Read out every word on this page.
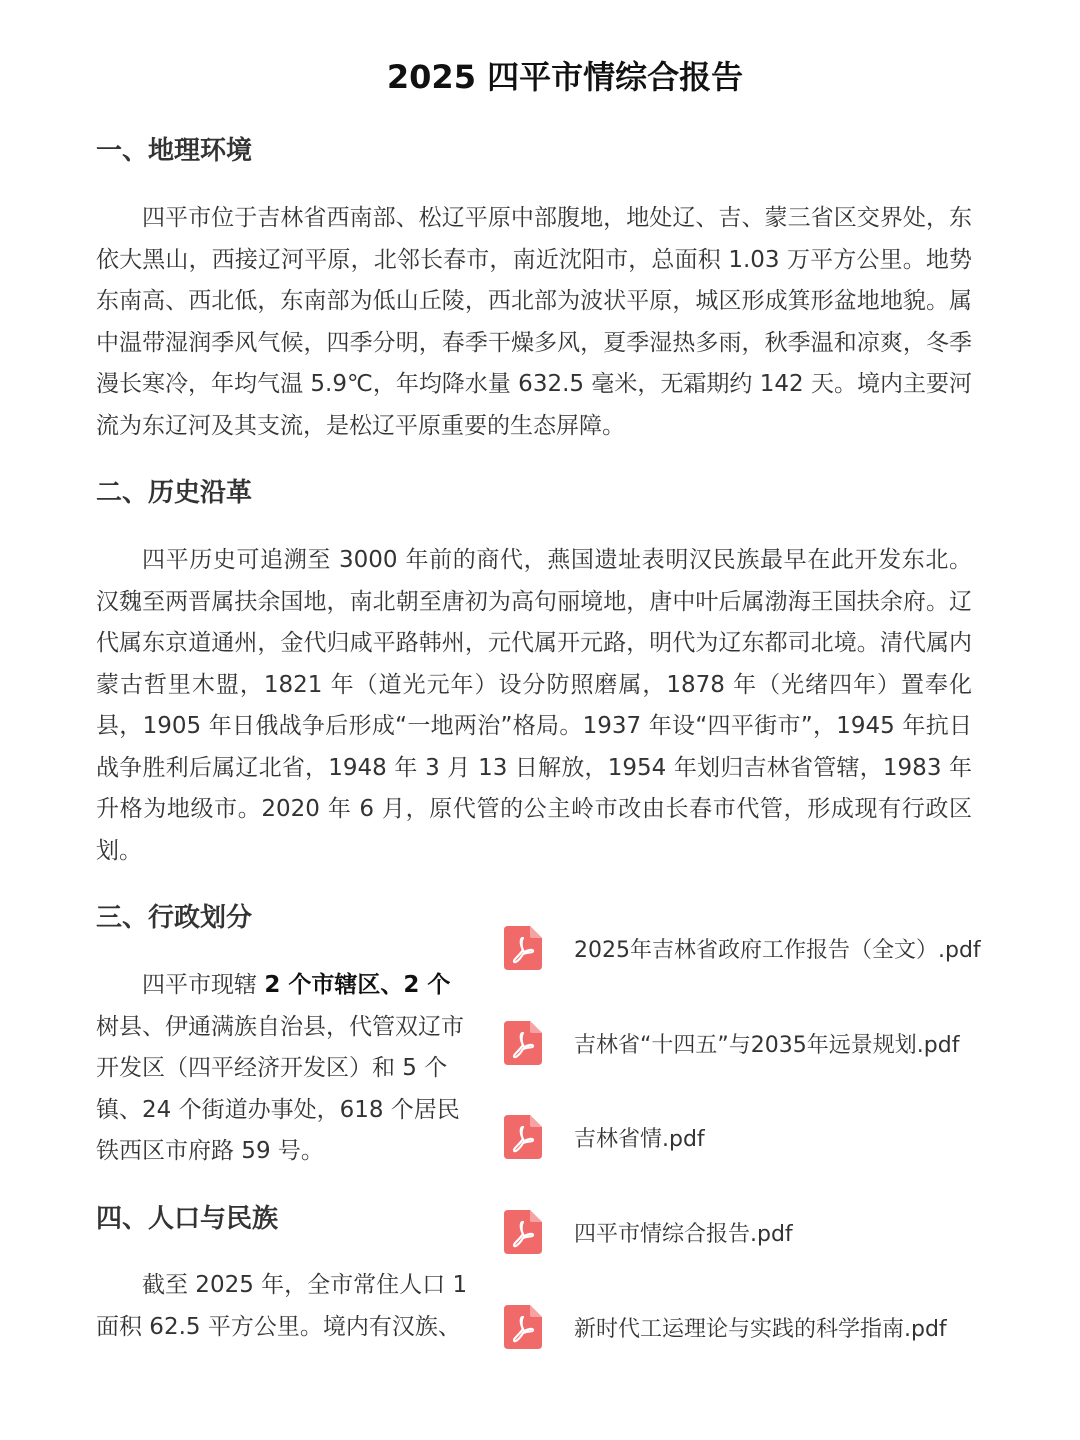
2025 四平市情综合报告
一、地理环境

四平市位于吉林省西南部、松辽平原中部腹地，地处辽、吉、蒙三省区交界处，东依大黑山，西接辽河平原，北邻长春市，南近沈阳市，总面积 1.03 万平方公里。地势东南高、西北低，东南部为低山丘陵，西北部为波状平原，城区形成箕形盆地地貌。属中温带湿润季风气候，四季分明，春季干燥多风，夏季湿热多雨，秋季温和凉爽，冬季漫长寒冷，年均气温 5.9℃，年均降水量 632.5 毫米，无霜期约 142 天。境内主要河流为东辽河及其支流，是松辽平原重要的生态屏障。

二、历史沿革

四平历史可追溯至 3000 年前的商代，燕国遗址表明汉民族最早在此开发东北。汉魏至两晋属扶余国地，南北朝至唐初为高句丽境地，唐中叶后属渤海王国扶余府。辽代属东京道通州，金代归咸平路韩州，元代属开元路，明代为辽东都司北境。清代属内蒙古哲里木盟，1821 年（道光元年）设分防照磨属，1878 年（光绪四年）置奉化县，1905 年日俄战争后形成“一地两治”格局。1937 年设“四平街市”，1945 年抗日战争胜利后属辽北省，1948 年 3 月 13 日解放，1954 年划归吉林省管辖，1983 年升格为地级市。2020 年 6 月，原代管的公主岭市改由长春市代管，形成现有行政区划。

三、行政划分

四平市现辖 2 个市辖区、2 个
树县、伊通满族自治县，代管双辽市
开发区（四平经济开发区）和 5 个
镇、24 个街道办事处，618 个居民
铁西区市府路 59 号。

四、人口与民族

截至 2025 年，全市常住人口 1
面积 62.5 平方公里。境内有汉族、

2025年吉林省政府工作报告（全文）.pdf
吉林省“十四五”与2035年远景规划.pdf
吉林省情.pdf
四平市情综合报告.pdf
新时代工运理论与实践的科学指南.pdf
